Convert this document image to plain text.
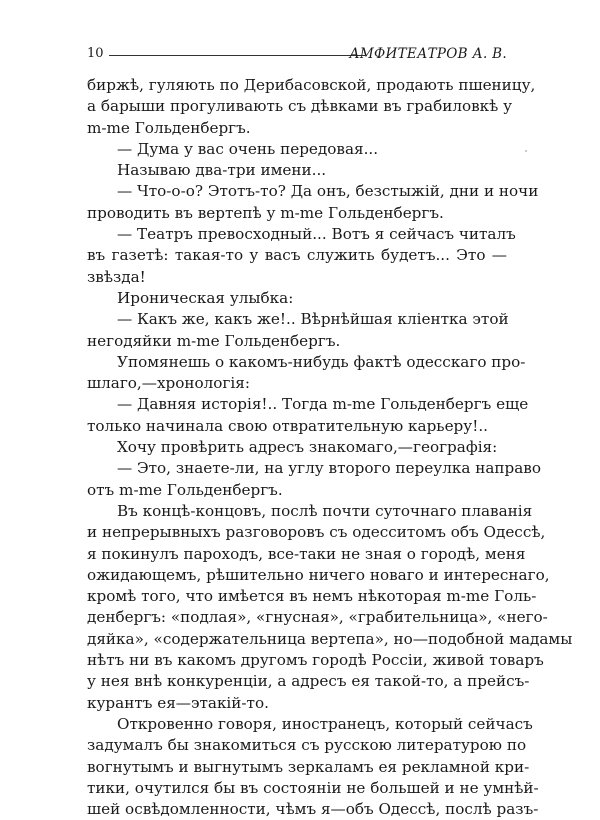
10	АМФИТЕАТРОВ А. В.
биржѣ, гуляють по Дерибасовской, продають пшеницу,
а барыши прогуливають съ дѣвками въ грабиловкѣ у
m-me Гольденбергъ.
— Дума у вас очень передовая...
Называю два-три имени...
— Что-о-о? Этотъ-то? Да онъ, безстыжій, дни и ночи
проводить въ вертепѣ у m-me Гольденбергъ.
— Театръ превосходный... Вотъ я сейчасъ читалъ
въ газетѣ: такая-то у васъ служить будетъ... Это —
звѣзда!
Ироническая улыбка:
— Какъ же, какъ же!.. Вѣрнѣйшая кліентка этой
негодяйки m-me Гольденбергъ.
Упомянешь о какомъ-нибудь фактѣ одесскаго про-
шлаго,—хронологія:
— Давняя исторія!.. Тогда m-me Гольденбергъ еще
только начинала свою отвратительную карьеру!..
Хочу провѣрить адресъ знакомаго,—географія:
— Это, знаете-ли, на углу второго переулка направо
отъ m-me Гольденбергъ.
Въ концѣ-концовъ, послѣ почти суточнаго плаванія
и непрерывныхъ разговоровъ съ одесситомъ объ Одессѣ,
я покинулъ пароходъ, все-таки не зная о городѣ, меня
ожидающемъ, рѣшительно ничего новаго и интереснаго,
кромѣ того, что имѣется въ немъ нѣкоторая m-me Голь-
денбергъ: «подлая», «гнусная», «грабительница», «него-
дяйка», «содержательница вертепа», но—подобной мадамы
нѣтъ ни въ какомъ другомъ городѣ Россіи, живой товаръ
у нея внѣ конкуренціи, а адресъ ея такой-то, а прейсъ-
курантъ ея—этакій-то.
Откровенно говоря, иностранецъ, который сейчасъ
задумалъ бы знакомиться съ русскою литературою по
вогнутымъ и выгнутымъ зеркаламъ ея рекламной кри-
тики, очутился бы въ состояніи не большей и не умнѣй-
шей освѣдомленности, чѣмъ я—объ Одессѣ, послѣ разъ-
